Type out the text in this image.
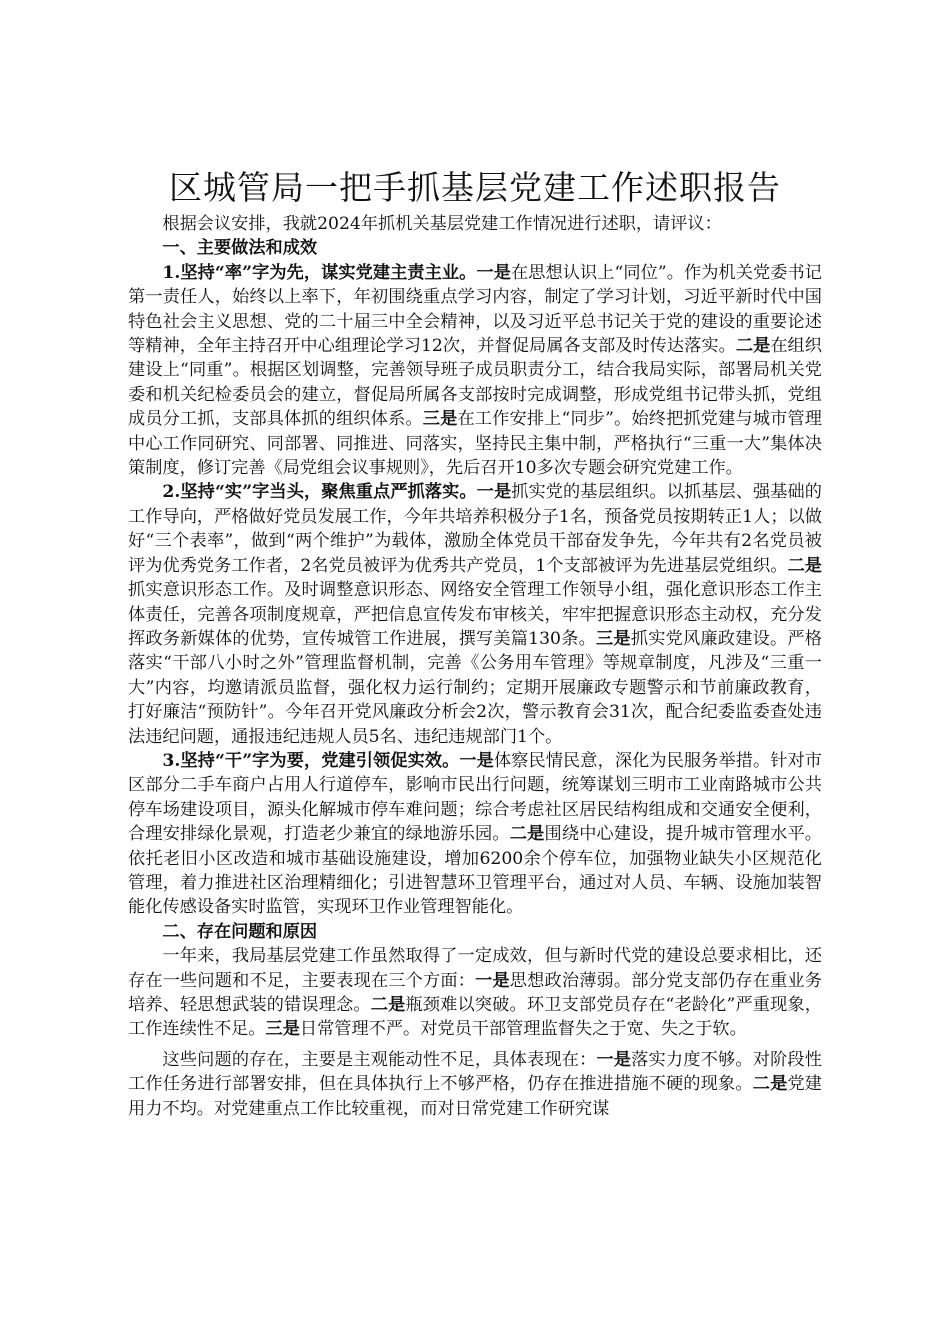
区城管局一把手抓基层党建工作述职报告

根据会议安排，我就2024年抓机关基层党建工作情况进行述职，请评议：

一、主要做法和成效

1.坚持“率”字为先，谋实党建主责主业。一是在思想认识上“同位”。作为机关党委书记第一责任人，始终以上率下，年初围绕重点学习内容，制定了学习计划，习近平新时代中国特色社会主义思想、党的二十届三中全会精神，以及习近平总书记关于党的建设的重要论述等精神，全年主持召开中心组理论学习12次，并督促局属各支部及时传达落实。二是在组织建设上“同重”。根据区划调整，完善领导班子成员职责分工，结合我局实际，部署局机关党委和机关纪检委员会的建立，督促局所属各支部按时完成调整，形成党组书记带头抓，党组成员分工抓，支部具体抓的组织体系。三是在工作安排上“同步”。始终把抓党建与城市管理中心工作同研究、同部署、同推进、同落实，坚持民主集中制，严格执行“三重一大”集体决策制度，修订完善《局党组会议事规则》，先后召开10多次专题会研究党建工作。

2.坚持“实”字当头，聚焦重点严抓落实。一是抓实党的基层组织。以抓基层、强基础的工作导向，严格做好党员发展工作，今年共培养积极分子1名，预备党员按期转正1人；以做好“三个表率”，做到“两个维护”为载体，激励全体党员干部奋发争先，今年共有2名党员被评为优秀党务工作者，2名党员被评为优秀共产党员，1个支部被评为先进基层党组织。二是抓实意识形态工作。及时调整意识形态、网络安全管理工作领导小组，强化意识形态工作主体责任，完善各项制度规章，严把信息宣传发布审核关，牢牢把握意识形态主动权，充分发挥政务新媒体的优势，宣传城管工作进展，撰写美篇130条。三是抓实党风廉政建设。严格落实“干部八小时之外”管理监督机制，完善《公务用车管理》等规章制度，凡涉及“三重一大”内容，均邀请派员监督，强化权力运行制约；定期开展廉政专题警示和节前廉政教育，打好廉洁“预防针”。今年召开党风廉政分析会2次，警示教育会31次，配合纪委监委查处违法违纪问题，通报违纪违规人员5名、违纪违规部门1个。

3.坚持“干”字为要，党建引领促实效。一是体察民情民意，深化为民服务举措。针对市区部分二手车商户占用人行道停车，影响市民出行问题，统筹谋划三明市工业南路城市公共停车场建设项目，源头化解城市停车难问题；综合考虑社区居民结构组成和交通安全便利，合理安排绿化景观，打造老少兼宜的绿地游乐园。二是围绕中心建设，提升城市管理水平。依托老旧小区改造和城市基础设施建设，增加6200余个停车位，加强物业缺失小区规范化管理，着力推进社区治理精细化；引进智慧环卫管理平台，通过对人员、车辆、设施加装智能化传感设备实时监管，实现环卫作业管理智能化。

二、存在问题和原因

一年来，我局基层党建工作虽然取得了一定成效，但与新时代党的建设总要求相比，还存在一些问题和不足，主要表现在三个方面：一是思想政治薄弱。部分党支部仍存在重业务培养、轻思想武装的错误理念。二是瓶颈难以突破。环卫支部党员存在“老龄化”严重现象，工作连续性不足。三是日常管理不严。对党员干部管理监督失之于宽、失之于软。

这些问题的存在，主要是主观能动性不足，具体表现在：一是落实力度不够。对阶段性工作任务进行部署安排，但在具体执行上不够严格，仍存在推进措施不硬的现象。二是党建用力不均。对党建重点工作比较重视，而对日常党建工作研究谋
